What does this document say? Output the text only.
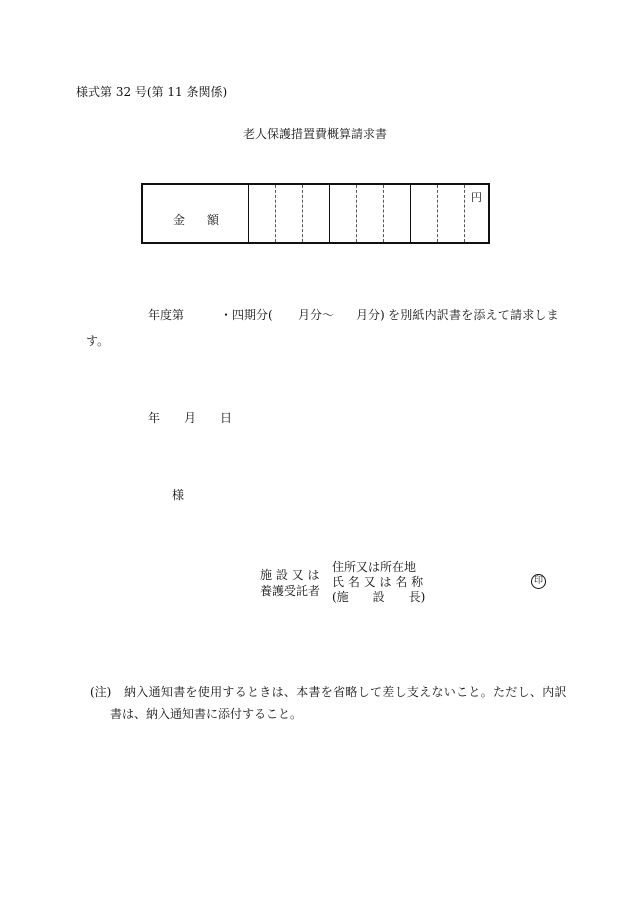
様式第 32 号(第 11 条関係)
老人保護措置費概算請求書
金額
円
年度第	・四期分( 月分〜 月分) を別紙内訳書を添えて請求しま
す。
年 月 日
様
施 設 又 は
養護受託者
住所又は所在地
氏 名 又 は 名 称
(施　　設　　長)
印
(注) 納入通知書を使用するときは、本書を省略して差し支えないこと。ただし、内訳
書は、納入通知書に添付すること。
